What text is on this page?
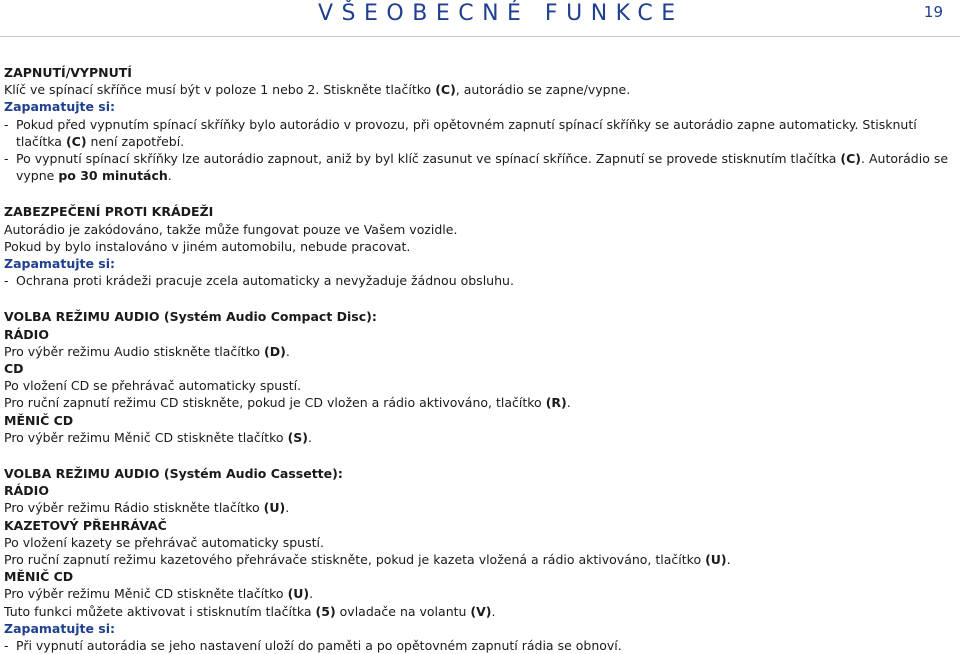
VŠEOBECNÉ FUNKCE	19

ZAPNUTÍ/VYPNUTÍ

Klíč ve spínací skříňce musí být v poloze 1 nebo 2. Stiskněte tlačítko (C), autorádio se zapne/vypne.

Zapamatujte si:

- Pokud před vypnutím spínací skříňky bylo autorádio v provozu, při opětovném zapnutí spínací skříňky se autorádio zapne automaticky. Stisknutí tlačítka (C) není zapotřebí.
- Po vypnutí spínací skříňky lze autorádio zapnout, aniž by byl klíč zasunut ve spínací skříňce. Zapnutí se provede stisknutím tlačítka (C). Autorádio se vypne po 30 minutách.

ZABEZPEČENÍ PROTI KRÁDEŽI

Autorádio je zakódováno, takže může fungovat pouze ve Vašem vozidle.

Pokud by bylo instalováno v jiném automobilu, nebude pracovat.

Zapamatujte si:

- Ochrana proti krádeži pracuje zcela automaticky a nevyžaduje žádnou obsluhu.

VOLBA REŽIMU AUDIO (Systém Audio Compact Disc):

RÁDIO

Pro výběr režimu Audio stiskněte tlačítko (D).

CD

Po vložení CD se přehrávač automaticky spustí.

Pro ruční zapnutí režimu CD stiskněte, pokud je CD vložen a rádio aktivováno, tlačítko (R).

MĚNIČ CD

Pro výběr režimu Měnič CD stiskněte tlačítko (S).

VOLBA REŽIMU AUDIO (Systém Audio Cassette):

RÁDIO

Pro výběr režimu Rádio stiskněte tlačítko (U).

KAZETOVÝ PŘEHRÁVAČ

Po vložení kazety se přehrávač automaticky spustí.

Pro ruční zapnutí režimu kazetového přehrávače stiskněte, pokud je kazeta vložená a rádio aktivováno, tlačítko (U).

MĚNIČ CD

Pro výběr režimu Měnič CD stiskněte tlačítko (U).

Tuto funkci můžete aktivovat i stisknutím tlačítka (5) ovladače na volantu (V).

Zapamatujte si:

- Při vypnutí autorádia se jeho nastavení uloží do paměti a po opětovném zapnutí rádia se obnoví.
